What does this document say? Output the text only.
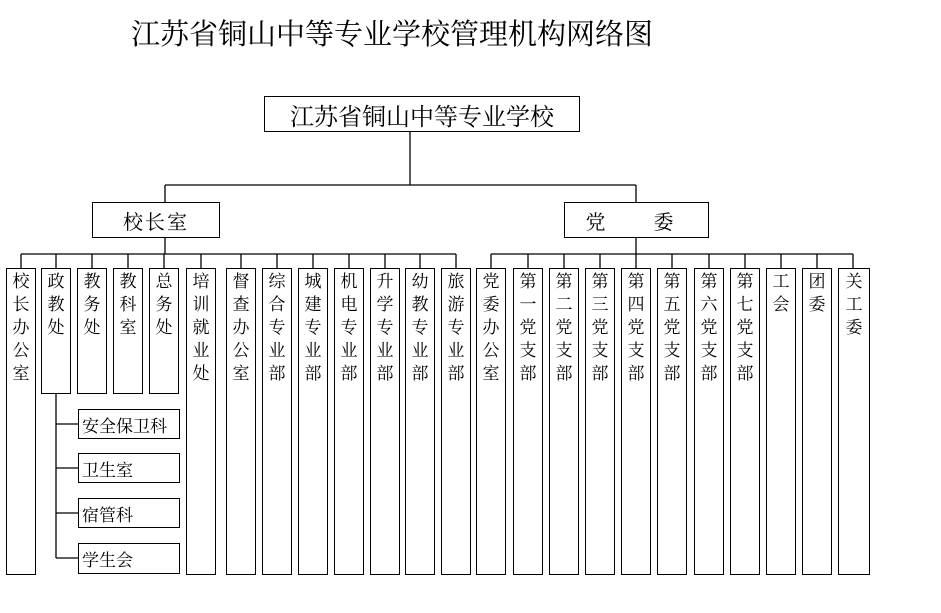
江苏省铜山中等专业学校管理机构网络图
江苏省铜山中等专业学校
校长室	党　委
校长办公室
政教处
教务处
教科室
总务处
培训就业处
督查办公室
综合专业部
城建专业部
机电专业部
升学专业部
幼教专业部
旅游专业部
党委办公室
第一党支部
第二党支部
第三党支部
第四党支部
第五党支部
第六党支部
第七党支部
工会
团委
关工委
安全保卫科
卫生室
宿管科
学生会
